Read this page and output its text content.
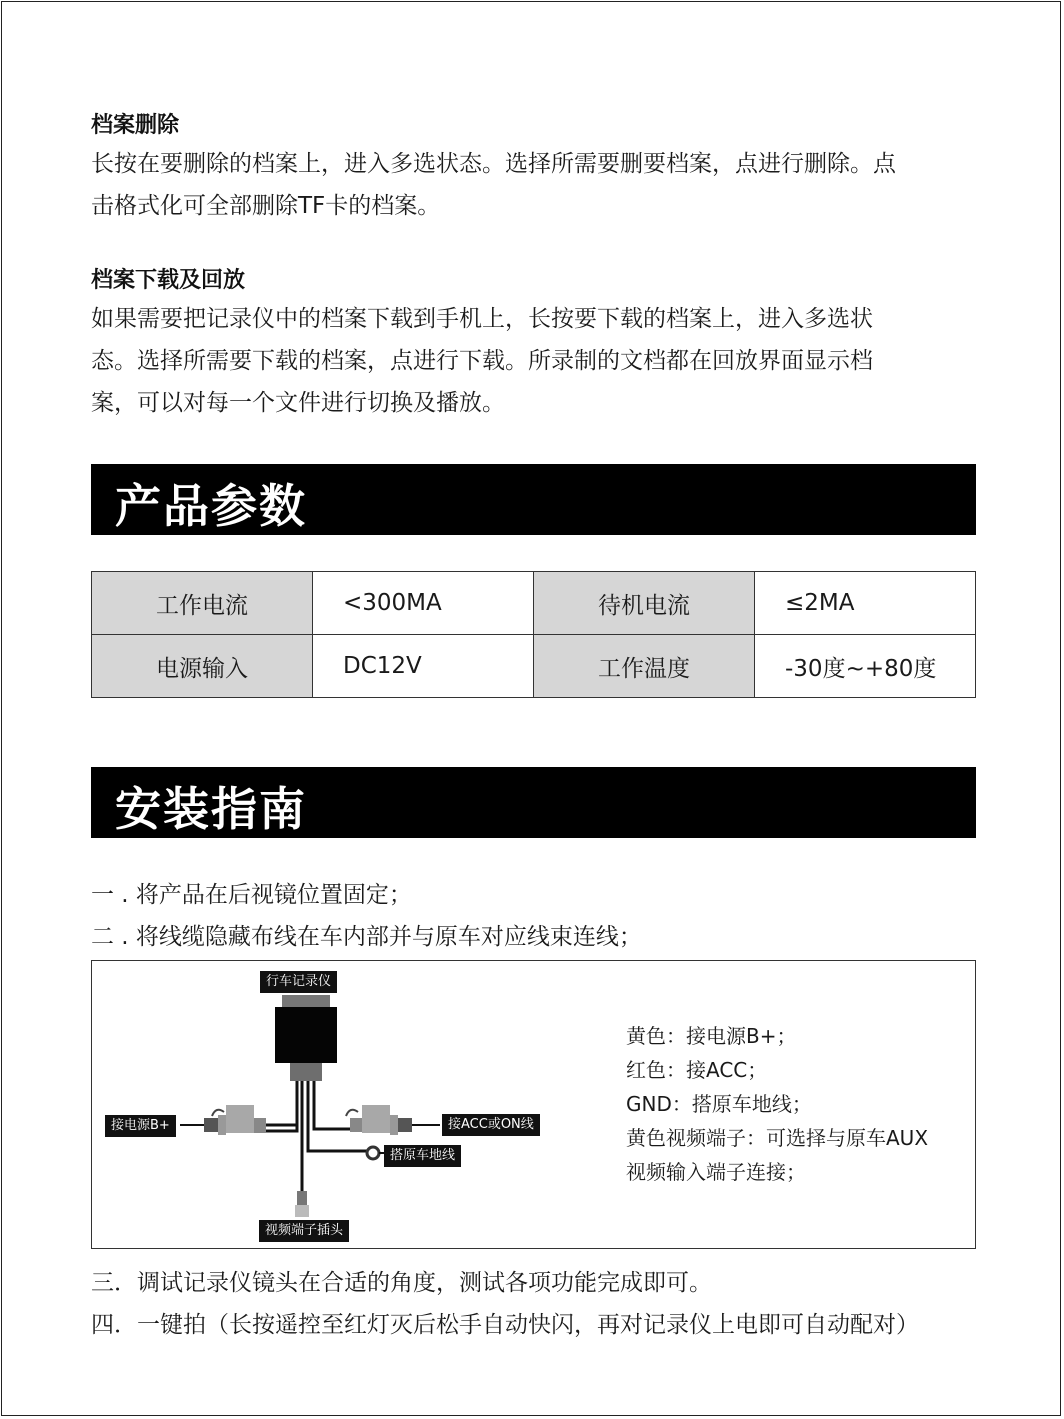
档案删除
长按在要删除的档案上，进入多选状态。选择所需要删要档案，点进行删除。点
击格式化可全部删除TF卡的档案。
档案下载及回放
如果需要把记录仪中的档案下载到手机上，长按要下载的档案上，进入多选状
态。选择所需要下载的档案，点进行下载。所录制的文档都在回放界面显示档
案，可以对每一个文件进行切换及播放。
产品参数
工作电流	<300MA	待机电流	≤2MA
电源输入	DC12V	工作温度	-30度~+80度
安装指南
一 . 将产品在后视镜位置固定；
二 . 将线缆隐藏布线在车内部并与原车对应线束连线；
行车记录仪
接电源B+	接ACC或ON线
搭原车地线
视频端子插头
黄色：接电源B+；
红色：接ACC；
GND：搭原车地线；
黄色视频端子：可选择与原车AUX
视频输入端子连接；
三．调试记录仪镜头在合适的角度，测试各项功能完成即可。
四．一键拍（长按遥控至红灯灭后松手自动快闪，再对记录仪上电即可自动配对）
